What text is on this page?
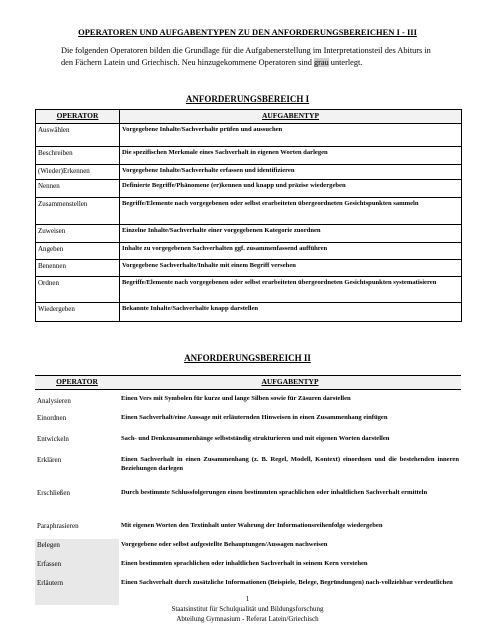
OPERATOREN UND AUFGABENTYPEN ZU DEN ANFORDERUNGSBEREICHEN I - III
Die folgenden Operatoren bilden die Grundlage für die Aufgabenerstellung im Interpretationsteil des Abiturs in den Fächern Latein und Griechisch. Neu hinzugekommene Operatoren sind grau unterlegt.
ANFORDERUNGSBEREICH I
OPERATOR	AUFGABENTYP
Auswählen	Vorgegebene Inhalte/Sachverhalte prüfen und aussuchen
Beschreiben	Die spezifischen Merkmale eines Sachverhalt in eigenen Worten darlegen
(Wieder)Erkennen	Vorgegebene Inhalte/Sachverhalte erfassen und identifizieren
Nennen	Definierte Begriffe/Phänomene (er)kennen und knapp und präzise wiedergeben
Zusammenstellen	Begriffe/Elemente nach vorgegebenen oder selbst erarbeiteten übergeordneten Gesichtspunkten sammeln
Zuweisen	Einzelne Inhalte/Sachverhalte einer vorgegebenen Kategorie zuordnen
Angeben	Inhalte zu vorgegebenen Sachverhalten ggf. zusammenfassend aufführen
Benennen	Vorgegebene Sachverhalte/Inhalte mit einem Begriff versehen
Ordnen	Begriffe/Elemente nach vorgegebenen oder selbst erarbeiteten übergeordneten Gesichtspunkten systematisieren
Wiedergeben	Bekannte Inhalte/Sachverhalte knapp darstellen
ANFORDERUNGSBEREICH II
OPERATOR	AUFGABENTYP
Analysieren	Einen Vers mit Symbolen für kurze und lange Silben sowie für Zäsuren darstellen
Einordnen	Einen Sachverhalt/eine Aussage mit erläuternden Hinweisen in einen Zusammenhang einfügen
Entwickeln	Sach- und Denkzusammenhänge selbstständig strukturieren und mit eigenen Worten darstellen
Erklären	Einen Sachverhalt in einen Zusammenhang (z. B. Regel, Modell, Kontext) einordnen und die bestehenden inneren Beziehungen darlegen
Erschließen	Durch bestimmte Schlussfolgerungen einen bestimmten sprachlichen oder inhaltlichen Sachverhalt ermitteln
Paraphrasieren	Mit eigenen Worten den Textinhalt unter Wahrung der Informationsreihenfolge wiedergeben
Belegen	Vorgegebene oder selbst aufgestellte Behauptungen/Aussagen nachweisen
Erfassen	Einen bestimmten sprachlichen oder inhaltlichen Sachverhalt in seinem Kern verstehen
Erläutern	Einen Sachverhalt durch zusätzliche Informationen (Beispiele, Belege, Begründungen) nach-vollziehbar verdeutlichen
1
Staatsinstitut für Schulqualität und Bildungsforschung
Abteilung Gymnasium - Referat Latein/Griechisch
